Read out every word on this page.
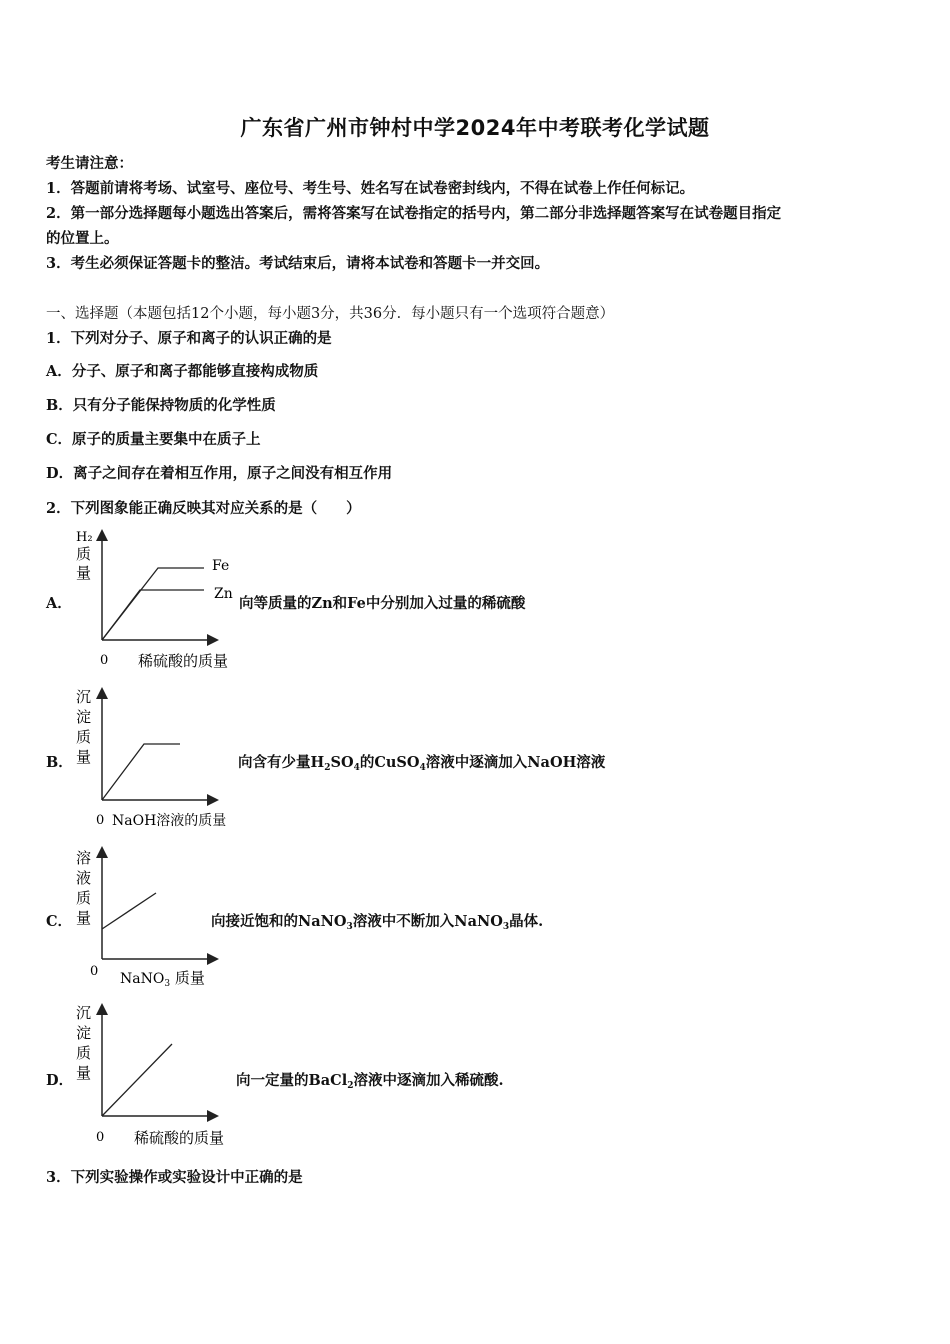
广东省广州市钟村中学2024年中考联考化学试题
考生请注意：
1．答题前请将考场、试室号、座位号、考生号、姓名写在试卷密封线内，不得在试卷上作任何标记。
2．第一部分选择题每小题选出答案后，需将答案写在试卷指定的括号内，第二部分非选择题答案写在试卷题目指定
的位置上。
3．考生必须保证答题卡的整洁。考试结束后，请将本试卷和答题卡一并交回。
一、选择题（本题包括12个小题，每小题3分，共36分．每小题只有一个选项符合题意）
1．下列对分子、原子和离子的认识正确的是
A．分子、原子和离子都能够直接构成物质
B．只有分子能保持物质的化学性质
C．原子的质量主要集中在质子上
D．离子之间存在着相互作用，原子之间没有相互作用
2．下列图象能正确反映其对应关系的是（　　）
A．
H₂
质
量	Fe
Zn
0 稀硫酸的质量
向等质量的Zn和Fe中分别加入过量的稀硫酸
B．
沉
淀
质
量
0 NaOH溶液的质量
向含有少量$H_2SO_4$的CuSO$_4$溶液中逐滴加入NaOH溶液
C．
溶
液
质
量
0 NaNO$_3$ 质量
向接近饱和的NaNO$_3$溶液中不断加入NaNO$_3$晶体.
D．
沉
淀
质
量
0 稀硫酸的质量
向一定量的BaCl$_2$溶液中逐滴加入稀硫酸.
3．下列实验操作或实验设计中正确的是
